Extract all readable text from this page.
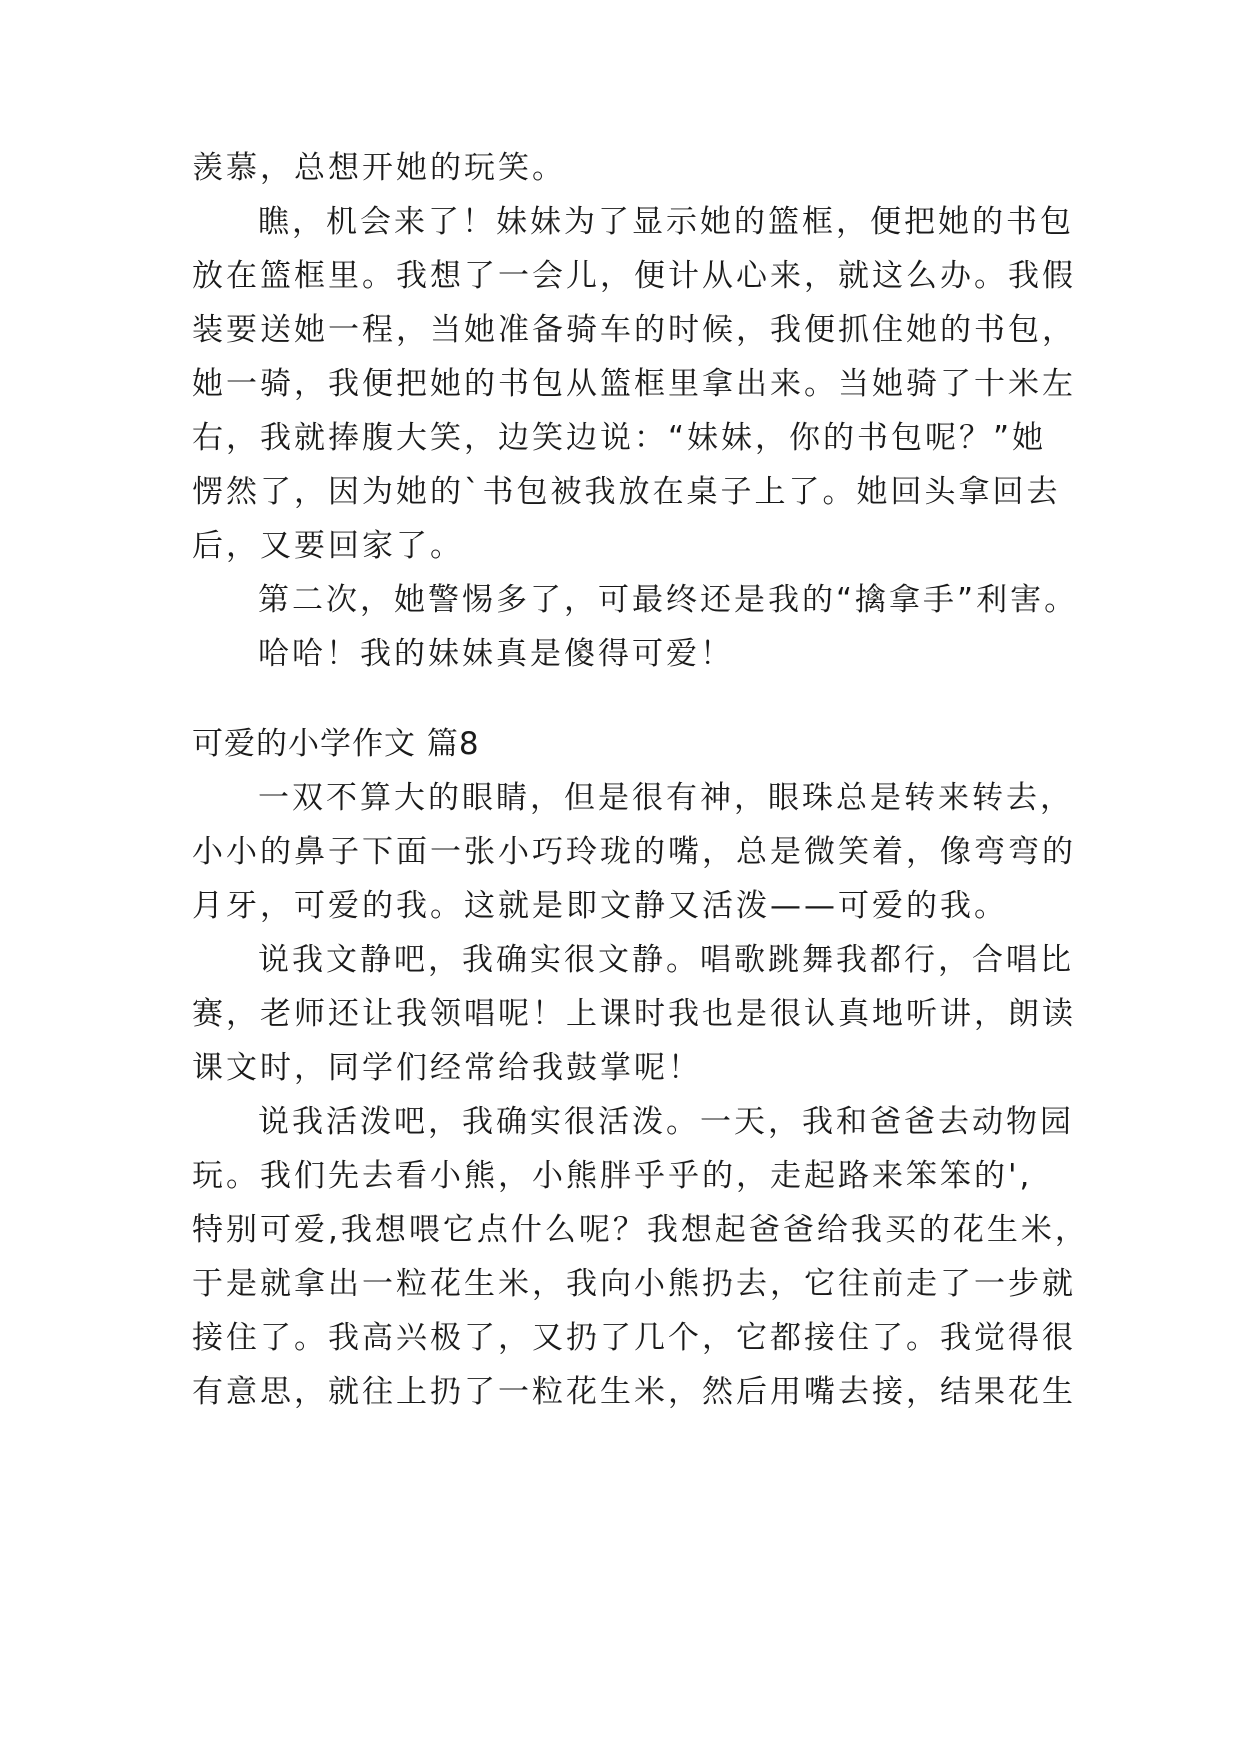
羡慕，总想开她的玩笑。
瞧，机会来了！妹妹为了显示她的篮框，便把她的书包
放在篮框里。我想了一会儿，便计从心来，就这么办。我假
装要送她一程，当她准备骑车的时候，我便抓住她的书包，
她一骑，我便把她的书包从篮框里拿出来。当她骑了十米左
右，我就捧腹大笑，边笑边说：“妹妹，你的书包呢？”她
愣然了，因为她的`书包被我放在桌子上了。她回头拿回去
后，又要回家了。
第二次，她警惕多了，可最终还是我的“擒拿手”利害。
哈哈！我的妹妹真是傻得可爱！
可爱的小学作文 篇8
一双不算大的眼睛，但是很有神，眼珠总是转来转去，
小小的鼻子下面一张小巧玲珑的嘴，总是微笑着，像弯弯的
月牙，可爱的我。这就是即文静又活泼——可爱的我。
说我文静吧，我确实很文静。唱歌跳舞我都行，合唱比
赛，老师还让我领唱呢！上课时我也是很认真地听讲，朗读
课文时，同学们经常给我鼓掌呢！
说我活泼吧，我确实很活泼。一天，我和爸爸去动物园
玩。我们先去看小熊，小熊胖乎乎的，走起路来笨笨的',
特别可爱,我想喂它点什么呢？我想起爸爸给我买的花生米，
于是就拿出一粒花生米，我向小熊扔去，它往前走了一步就
接住了。我高兴极了，又扔了几个，它都接住了。我觉得很
有意思，就往上扔了一粒花生米，然后用嘴去接，结果花生
